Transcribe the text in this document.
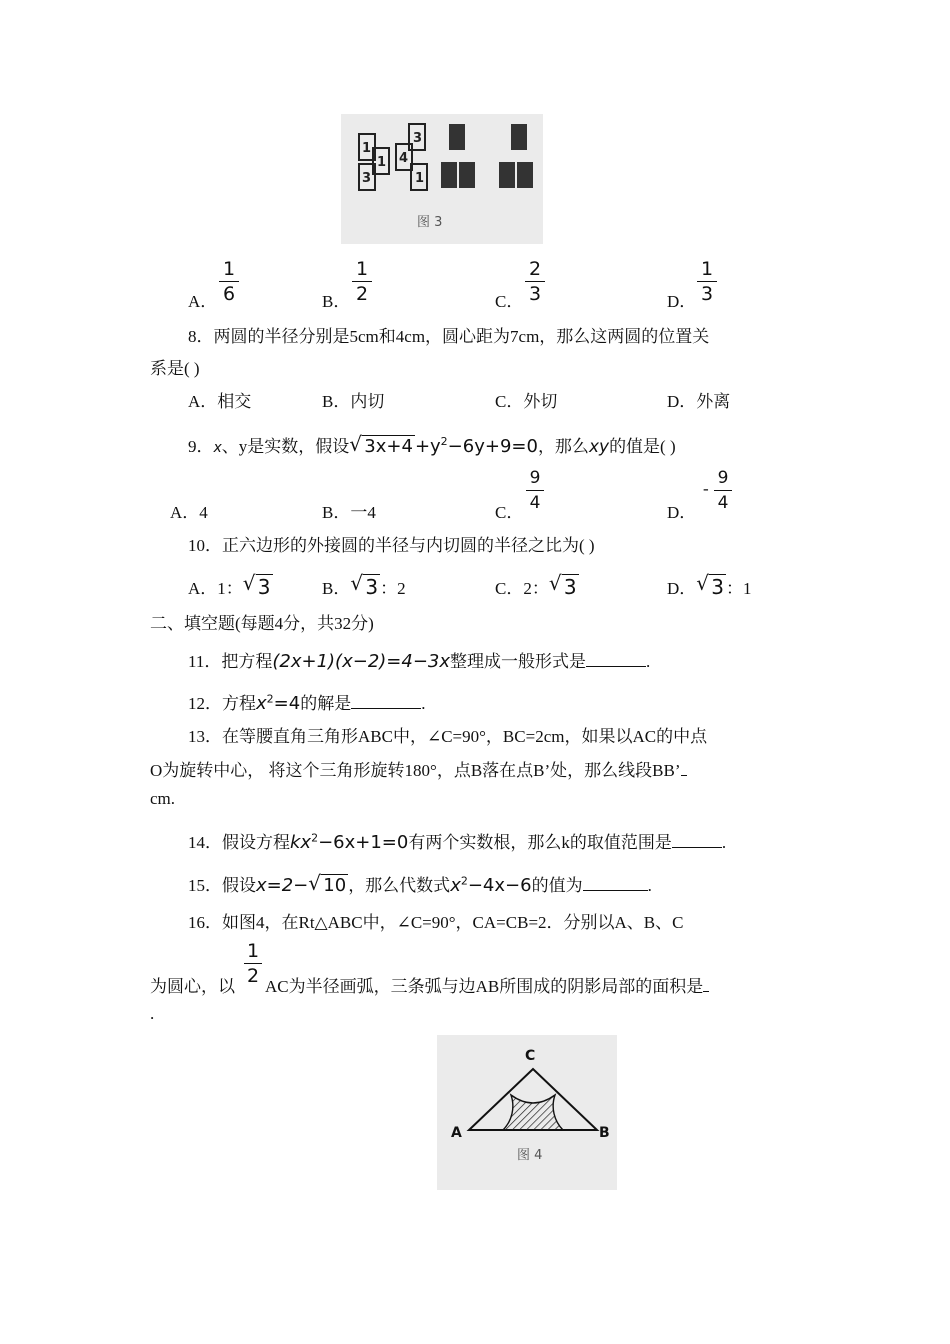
1
1
3
3
4
1
图 3
A．
1
6	B．
1
2	C．
2
3	D．
1
3
8．两圆的半径分别是5cm和4cm，圆心距为7cm，那么这两圆的位置关
系是( )
A．相交	B．内切	C．外切	D．外离
9．x、y是实数，假设 √ $3x+4 +y^2-6y+9=0$，那么xy的值是( )
A．4	B．一4	C．
9
4	D．
-
9
4
10．正六边形的外接圆的半径与内切圆的半径之比为( )
A．1： √ 3	B． √ 3 ：2	C．2： √ 3	D． √ 3 ：1
二、填空题(每题4分，共32分)
11．把方程(2x+1)(x−2)=4−3x整理成一般形式是	.
12．方程$x^2=4$的解是	.
13．在等腰直角三角形ABC中，∠C=90°，BC=2cm，如果以AC的中点
O为旋转中心， 将这个三角形旋转180°，点B落在点B’处，那么线段BB’
cm.
14．假设方程$kx^2-6x+1=0$有两个实数根，那么k的取值范围是	.
15．假设x=2− √ 10 ，那么代数式$x^2-4x-6$的值为	.
16．如图4，在Rt△ABC中，∠C=90°，CA=CB=2．分别以A、B、C
为圆心，以
1
2 AC为半径画弧，三条弧与边AB所围成的阴影局部的面积是
.
C
A	B
图 4
